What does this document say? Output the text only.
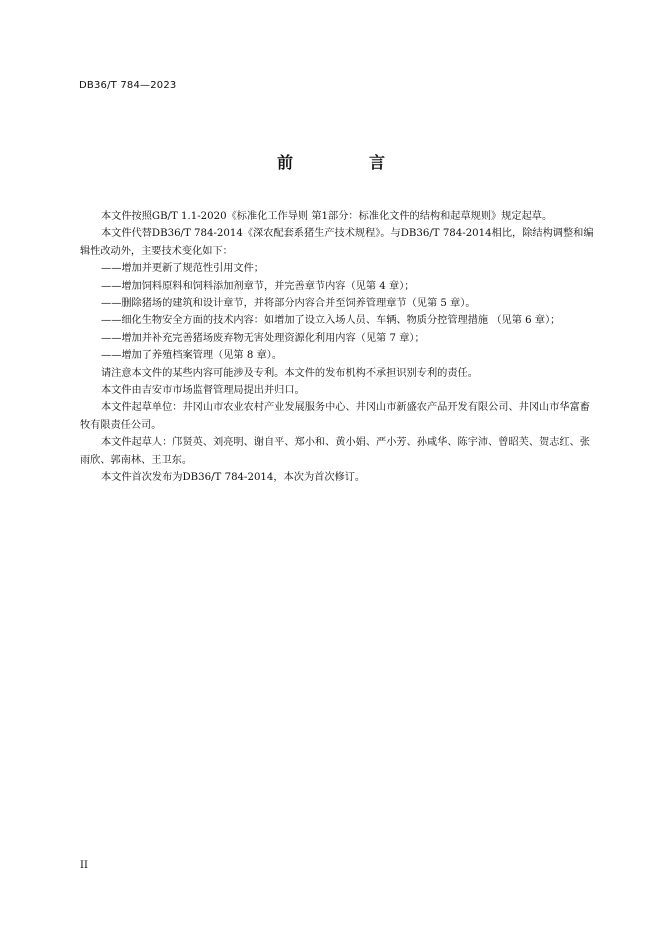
DB36/T 784—2023
前　言

本文件按照GB/T 1.1-2020《标准化工作导则 第1部分：标准化文件的结构和起草规则》规定起草。

本文件代替DB36/T 784-2014《深农配套系猪生产技术规程》。与DB36/T 784-2014相比，除结构调整和编辑性改动外，主要技术变化如下：

——增加并更新了规范性引用文件；
——增加饲料原料和饲料添加剂章节，并完善章节内容（见第 4 章）；
——删除猪场的建筑和设计章节，并将部分内容合并至饲养管理章节（见第 5 章）。
——细化生物安全方面的技术内容：如增加了设立入场人员、车辆、物质分控管理措施 （见第 6 章）；
——增加并补充完善猪场废弃物无害处理资源化利用内容（见第 7 章）；
——增加了养殖档案管理（见第 8 章）。

请注意本文件的某些内容可能涉及专利。本文件的发布机构不承担识别专利的责任。

本文件由吉安市市场监督管理局提出并归口。

本文件起草单位：井冈山市农业农村产业发展服务中心、井冈山市新盛农产品开发有限公司、井冈山市华富畜牧有限责任公司。

本文件起草人：邝贤英、刘亮明、谢自平、郑小和、黄小娟、严小芳、孙咸华、陈宇沛、曾昭芙、贺志红、张雨欣、郭南林、王卫东。

本文件首次发布为DB36/T 784-2014，本次为首次修订。

II
